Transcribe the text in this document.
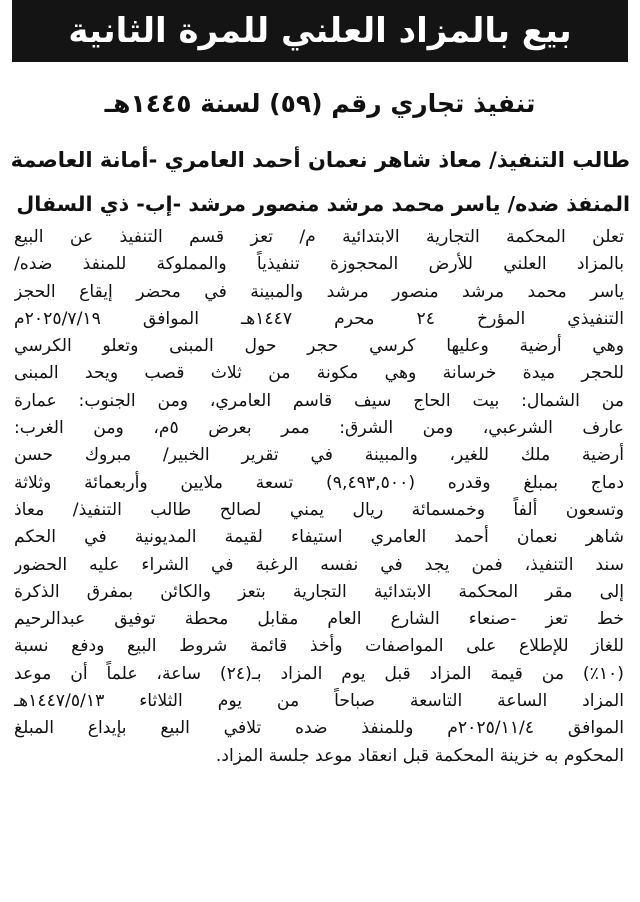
بيع بالمزاد العلني للمرة الثانية
تنفيذ تجاري رقم (٥٩) لسنة ١٤٤٥هـ
طالب التنفيذ/ معاذ شاهر نعمان أحمد العامري -أمانة العاصمة
المنفذ ضده/ ياسر محمد مرشد منصور مرشد -إب- ذي السفال
تعلن المحكمة التجارية الابتدائية م/ تعز قسم التنفيذ عن البيع
بالمزاد العلني للأرض المحجوزة تنفيذياً والمملوكة للمنفذ ضده/
ياسر محمد مرشد منصور مرشد والمبينة في محضر إيقاع الحجز
التنفيذي المؤرخ ٢٤ محرم ١٤٤٧هـ الموافق ٢٠٢٥/٧/١٩م
وهي أرضية وعليها كرسي حجر حول المبنى وتعلو الكرسي
للحجر ميدة خرسانة وهي مكونة من ثلاث قصب ويحد المبنى
من الشمال: بيت الحاج سيف قاسم العامري، ومن الجنوب: عمارة
عارف الشرعبي، ومن الشرق: ممر بعرض ٥م، ومن الغرب:
أرضية ملك للغير، والمبينة في تقرير الخبير/ مبروك حسن
دماج بمبلغ وقدره (٩,٤٩٣,٥٠٠) تسعة ملايين وأربعمائة وثلاثة
وتسعون ألفاً وخمسمائة ريال يمني لصالح طالب التنفيذ/ معاذ
شاهر نعمان أحمد العامري استيفاء لقيمة المديونية في الحكم
سند التنفيذ، فمن يجد في نفسه الرغبة في الشراء عليه الحضور
إلى مقر المحكمة الابتدائية التجارية بتعز والكائن بمفرق الذكرة
خط تعز -صنعاء الشارع العام مقابل محطة توفيق عبدالرحيم
للغاز للإطلاع على المواصفات وأخذ قائمة شروط البيع ودفع نسبة
(١٠٪) من قيمة المزاد قبل يوم المزاد بـ(٢٤) ساعة، علماً أن موعد
المزاد الساعة التاسعة صباحاً من يوم الثلاثاء ١٤٤٧/٥/١٣هـ
الموافق ٢٠٢٥/١١/٤م وللمنفذ ضده تلافي البيع بإيداع المبلغ
المحكوم به خزينة المحكمة قبل انعقاد موعد جلسة المزاد.
